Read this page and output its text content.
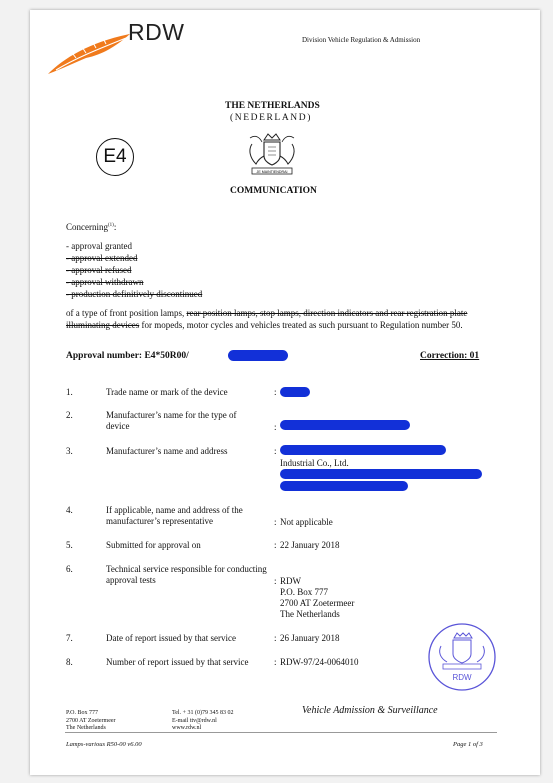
RDW	Division Vehicle Regulation & Admission
THE NETHERLANDS
(NEDERLAND)
E4
JE MAINTIENDRAI
COMMUNICATION
Concerning$^{(1)}$:
- approval granted
- approval extended
- approval refused
- approval withdrawn
- production definitively discontinued
of a type of front position lamps, rear position lamps, stop lamps, direction indicators and rear registration plate illuminating devices for mopeds, motor cycles and vehicles treated as such pursuant to Regulation number 50.
Approval number: E4*50R00/	Correction: 01
1.	Trade name or mark of the device	:
2.	Manufacturer’s name for the type of device	:
3.	Manufacturer’s name and address	:
Industrial Co., Ltd.
4.	If applicable, name and address of the manufacturer’s representative	: Not applicable
5.	Submitted for approval on	: 22 January 2018
6.	Technical service responsible for conducting approval tests	: RDW
P.O. Box 777
2700 AT Zoetermeer
The Netherlands
7.	Date of report issued by that service	: 26 January 2018
8.	Number of report issued by that service	: RDW-97/24-0064010
RDW
P.O. Box 777
2700 AT Zoetermeer
The Netherlands
Tel. + 31 (0)79 345 83 02
E-mail ttv@rdw.nl
www.rdw.nl
Vehicle Admission & Surveillance
Lamps-various R50-00 v6.00	Page 1 of 3
